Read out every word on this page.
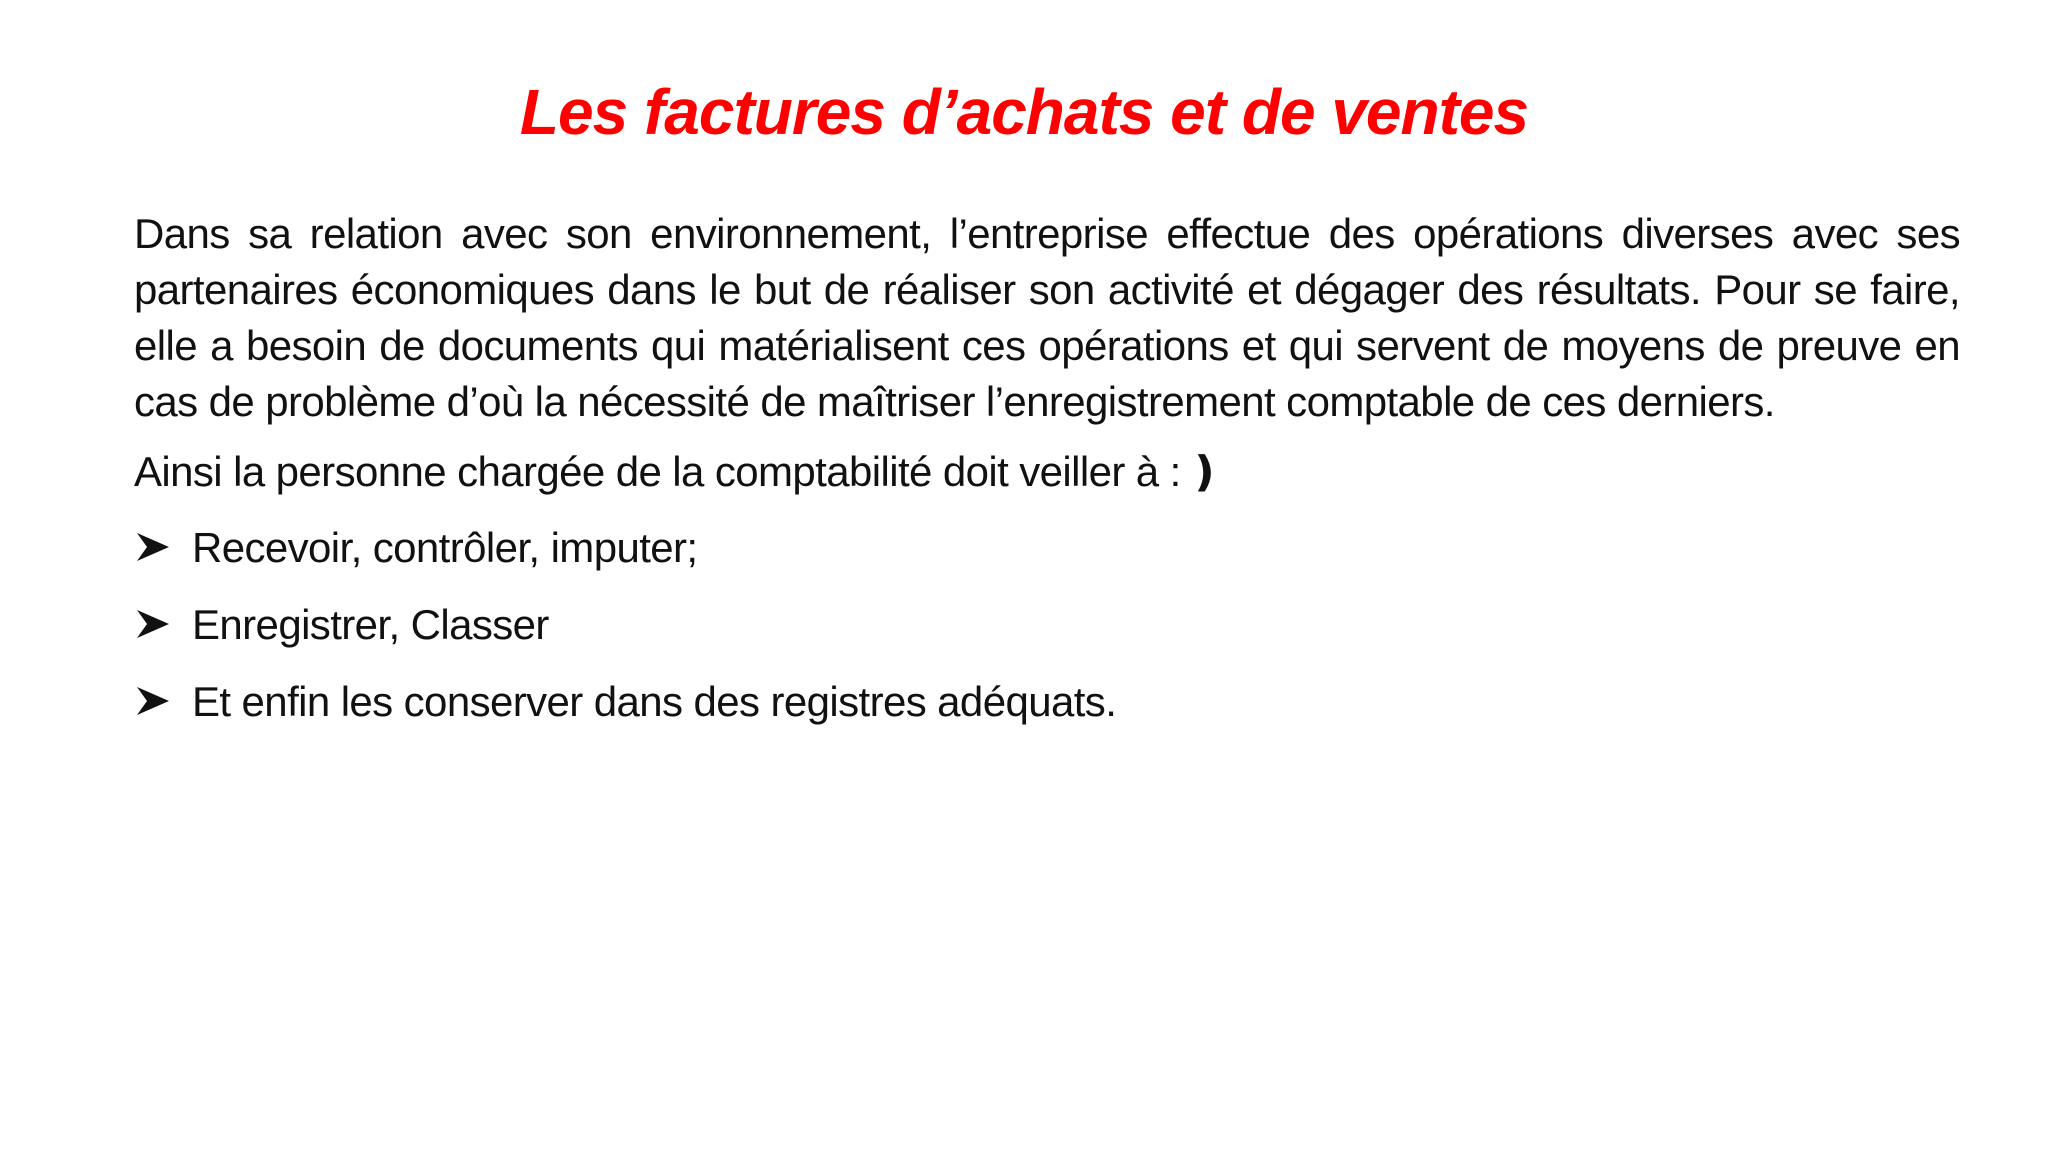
Les factures d’achats et de ventes

Dans sa relation avec son environnement, l’entreprise effectue des opérations diverses avec ses partenaires économiques dans le but de réaliser son activité et dégager des résultats. Pour se faire, elle a besoin de documents qui matérialisent ces opérations et qui servent de moyens de preuve en cas de problème d’où la nécessité de maîtriser l’enregistrement comptable de ces derniers.

Ainsi la personne chargée de la comptabilité doit veiller à : ❫

Recevoir, contrôler, imputer;
Enregistrer, Classer
Et enfin les conserver dans des registres adéquats.
